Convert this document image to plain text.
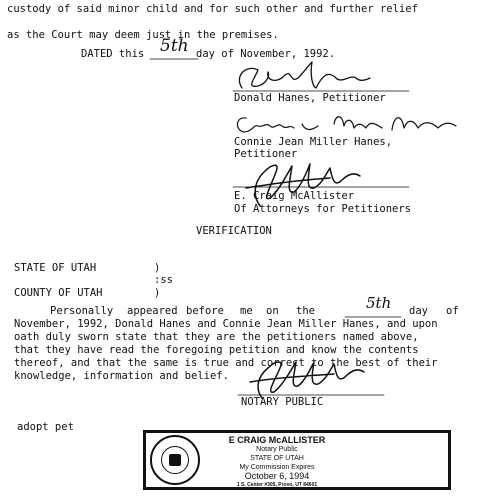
custody of said minor child and for such other and further relief
as the Court may deem just in the premises.
DATED this 5th day of November, 1992.
Donald Hanes, Petitioner
Connie Jean Miller Hanes,
Petitioner
E. Craig McAllister
Of Attorneys for Petitioners
VERIFICATION
STATE OF UTAH	)
:ss
COUNTY OF UTAH	)
Personally appeared before me on the	5th day of
November, 1992, Donald Hanes and Connie Jean Miller Hanes, and upon
oath duly sworn state that they are the petitioners named above,
that they have read the foregoing petition and know the contents
thereof, and that the same is true and correct to the best of their
knowledge, information and belief.
NOTARY PUBLIC
adopt pet
E CRAIG McALLISTER
Notary Public
STATE OF UTAH
My Commission Expires
October 6, 1994
1 S. Center #305, Provo, UT 84601
